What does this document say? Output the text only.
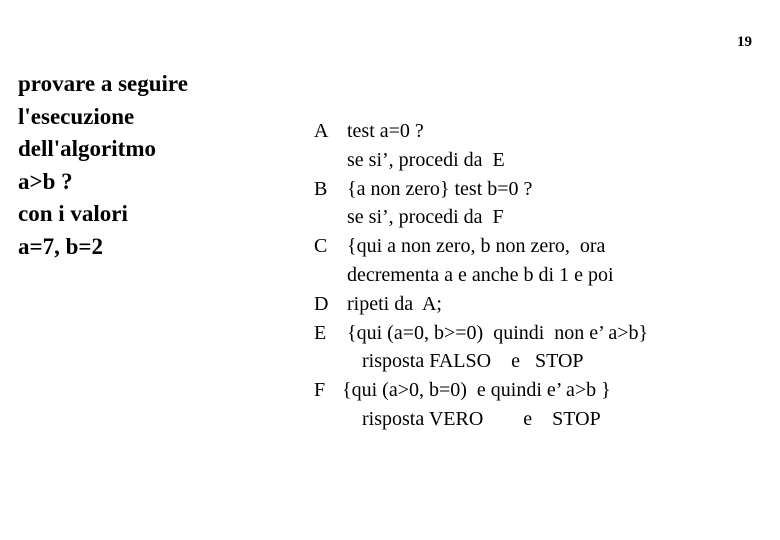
19
provare a seguire
l'esecuzione
dell'algoritmo
a>b ?
con i valori
a=7, b=2
A test a=0 ?
se si’, procedi da  E
B {a non zero} test b=0 ?
se si’, procedi da  F
C {qui a non zero, b non zero,  ora
decrementa a e anche b di 1 e poi
D ripeti da  A;
E {qui (a=0, b>=0)  quindi  non e’ a>b}
risposta FALSO    e   STOP
F {qui (a>0, b=0)  e quindi e’ a>b }
risposta VERO        e    STOP
